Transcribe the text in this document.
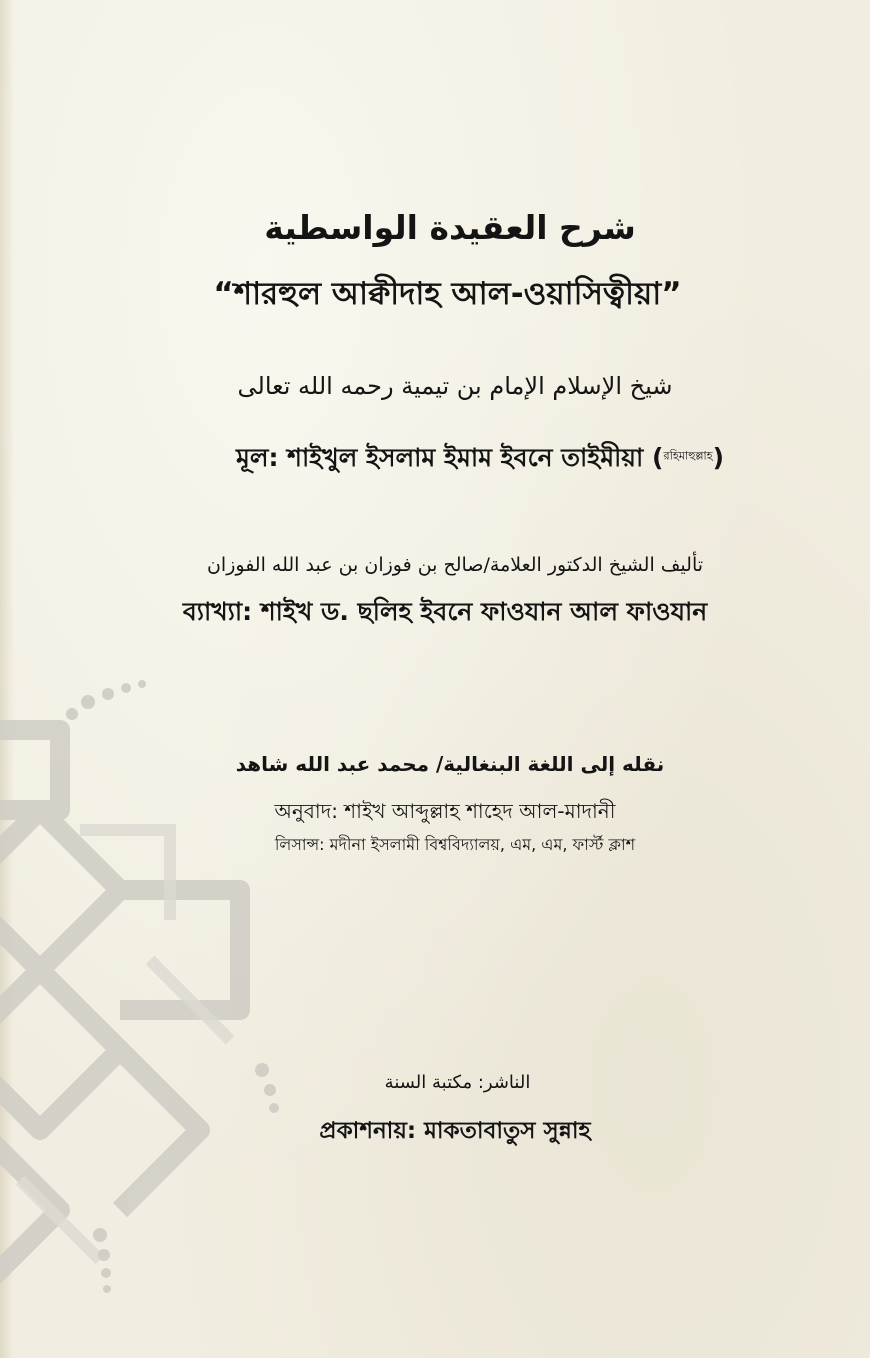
شرح العقيدة الواسطية

“শারহুল আক্বীদাহ আল-ওয়াসিত্বীয়া”

شيخ الإسلام الإمام بن تيمية رحمه الله تعالى

মূল: শাইখুল ইসলাম ইমাম ইবনে তাইমীয়া ($^{রহিমাহুল্লাহ}$)

تأليف الشيخ الدكتور العلامة/صالح بن فوزان بن عبد الله الفوزان

ব্যাখ্যা: শাইখ ড. ছলিহ ইবনে ফাওযান আল ফাওযান

نقله إلى اللغة البنغالية/ محمد عبد الله شاهد

অনুবাদ: শাইখ আব্দুল্লাহ শাহেদ আল-মাদানী

লিসান্স: মদীনা ইসলামী বিশ্ববিদ্যালয়, এম, এম, ফার্স্ট ক্লাশ

الناشر: مكتبة السنة

প্রকাশনায়: মাকতাবাতুস সুন্নাহ
